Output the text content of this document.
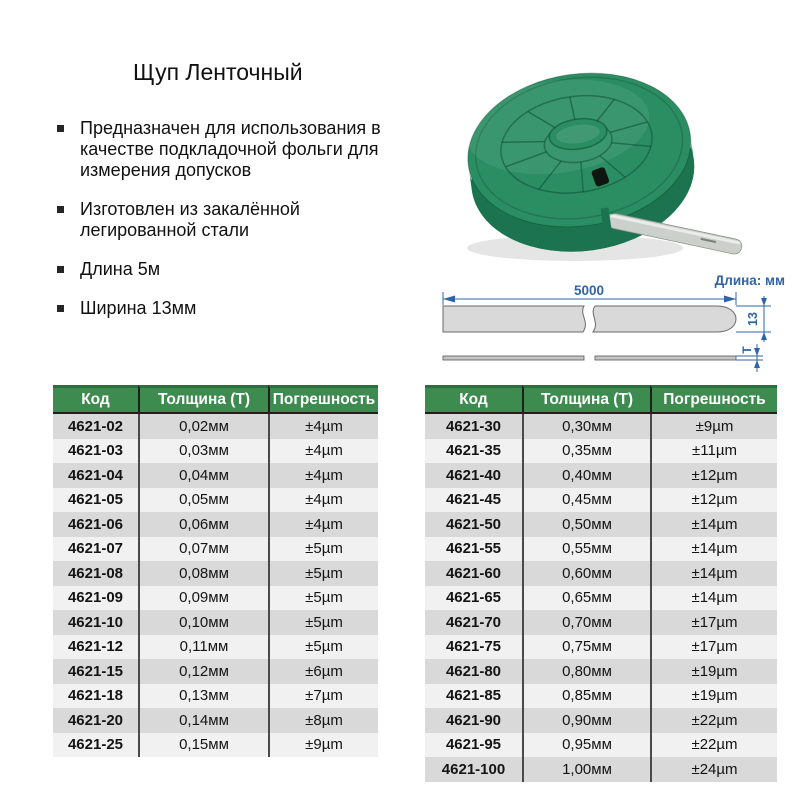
Щуп Ленточный
Предназначен для использования в качестве подкладочной фольги для измерения допусков
Изготовлен из закалённой легированной стали
Длина 5м
Ширина 13мм
Длина: мм
5000
13
Т
Код	Толщина (Т)	Погрешность
4621-02	0,02мм	±4µm
4621-03	0,03мм	±4µm
4621-04	0,04мм	±4µm
4621-05	0,05мм	±4µm
4621-06	0,06мм	±4µm
4621-07	0,07мм	±5µm
4621-08	0,08мм	±5µm
4621-09	0,09мм	±5µm
4621-10	0,10мм	±5µm
4621-12	0,11мм	±5µm
4621-15	0,12мм	±6µm
4621-18	0,13мм	±7µm
4621-20	0,14мм	±8µm
4621-25	0,15мм	±9µm
Код	Толщина (Т)	Погрешность
4621-30	0,30мм	±9µm
4621-35	0,35мм	±11µm
4621-40	0,40мм	±12µm
4621-45	0,45мм	±12µm
4621-50	0,50мм	±14µm
4621-55	0,55мм	±14µm
4621-60	0,60мм	±14µm
4621-65	0,65мм	±14µm
4621-70	0,70мм	±17µm
4621-75	0,75мм	±17µm
4621-80	0,80мм	±19µm
4621-85	0,85мм	±19µm
4621-90	0,90мм	±22µm
4621-95	0,95мм	±22µm
4621-100	1,00мм	±24µm
